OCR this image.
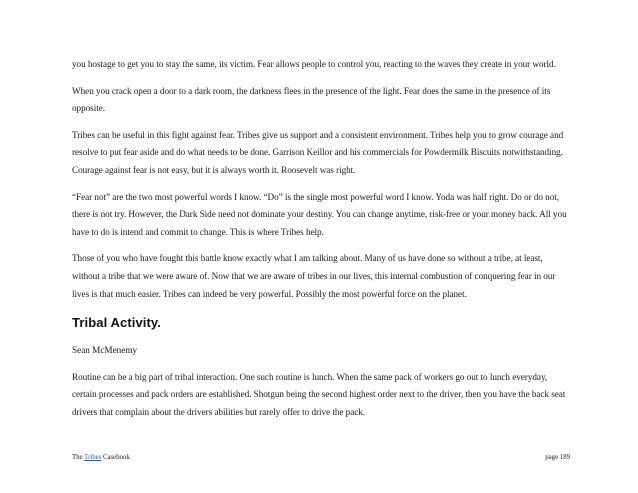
you hostage to get you to stay the same, its victim. Fear allows people to control you, reacting to the waves they create in your world.

When you crack open a door to a dark room, the darkness flees in the presence of the light. Fear does the same in the presence of its opposite.

Tribes can be useful in this fight against fear. Tribes give us support and a consistent environment. Tribes help you to grow courage and resolve to put fear aside and do what needs to be done. Garrison Keillor and his commercials for Powdermilk Biscuits notwithstanding. Courage against fear is not easy, but it is always worth it. Roosevelt was right.

“Fear not” are the two most powerful words I know. “Do” is the single most powerful word I know. Yoda was half right. Do or do not, there is not try. However, the Dark Side need not dominate your destiny. You can change anytime, risk-free or your money back. All you have to do is intend and commit to change. This is where Tribes help.

Those of you who have fought this battle know exactly what I am talking about. Many of us have done so without a tribe, at least, without a tribe that we were aware of. Now that we are aware of tribes in our lives, this internal combustion of conquering fear in our lives is that much easier. Tribes can indeed be very powerful. Possibly the most powerful force on the planet.

Tribal Activity.

Sean McMenemy

Routine can be a big part of tribal interaction. One such routine is lunch. When the same pack of workers go out to lunch everyday, certain processes and pack orders are established. Shotgun being the second highest order next to the driver, then you have the back seat drivers that complain about the drivers abilities but rarely offer to drive the pack.

The Tribes Casebook	page 189
